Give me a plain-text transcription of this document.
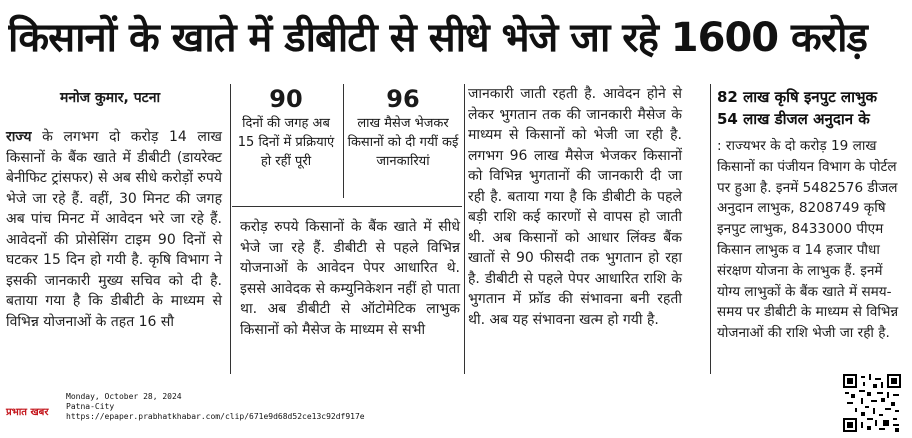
किसानों के खाते में डीबीटी से सीधे भेजे जा रहे 1600 करोड़
मनोज कुमार, पटना
राज्य के लगभग दो करोड़ 14 लाख किसानों के बैंक खाते में डीबीटी (डायरेक्ट बेनीफिट ट्रांसफर) से अब सीधे करोड़ों रुपये भेजे जा रहे हैं. वहीं, 30 मिनट की जगह अब पांच मिनट में आवेदन भरे जा रहे हैं. आवेदनों की प्रोसेसिंग टाइम 90 दिनों से घटकर 15 दिन हो गयी है. कृषि विभाग ने इसकी जानकारी मुख्य सचिव को दी है. बताया गया है कि डीबीटी के माध्यम से विभिन्न योजनाओं के तहत 16 सौ
90
दिनों की जगह अब 15 दिनों में प्रक्रियाएं हो रहीं पूरी
96
लाख मैसेज भेजकर किसानों को दी गयीं कई जानकारियां
करोड़ रुपये किसानों के बैंक खाते में सीधे भेजे जा रहे हैं. डीबीटी से पहले विभिन्न योजनाओं के आवेदन पेपर आधारित थे. इससे आवेदक से कम्युनिकेशन नहीं हो पाता था. अब डीबीटी से ऑटोमेटिक लाभुक किसानों को मैसेज के माध्यम से सभी
जानकारी जाती रहती है. आवेदन होने से लेकर भुगतान तक की जानकारी मैसेज के माध्यम से किसानों को भेजी जा रही है. लगभग 96 लाख मैसेज भेजकर किसानों को विभिन्न भुगतानों की जानकारी दी जा रही है. बताया गया है कि डीबीटी के पहले बड़ी राशि कई कारणों से वापस हो जाती थी. अब किसानों को आधार लिंक्ड बैंक खातों से 90 फीसदी तक भुगतान हो रहा है. डीबीटी से पहले पेपर आधारित राशि के भुगतान में फ्रॉड की संभावना बनी रहती थी. अब यह संभावना खत्म हो गयी है.
82 लाख कृषि इनपुट लाभुक
54 लाख डीजल अनुदान के
: राज्यभर के दो करोड़ 19 लाख किसानों का पंजीयन विभाग के पोर्टल पर हुआ है. इनमें 5482576 डीजल अनुदान लाभुक, 8208749 कृषि इनपुट लाभुक, 8433000 पीएम किसान लाभुक व 14 हजार पौधा संरक्षण योजना के लाभुक हैं. इनमें योग्य लाभुकों के बैंक खाते में समय-समय पर डीबीटी के माध्यम से विभिन्न योजनाओं की राशि भेजी जा रही है.
प्रभात खबर
Monday, October 28, 2024
Patna-City
https://epaper.prabhatkhabar.com/clip/671e9d68d52ce13c92df917e
